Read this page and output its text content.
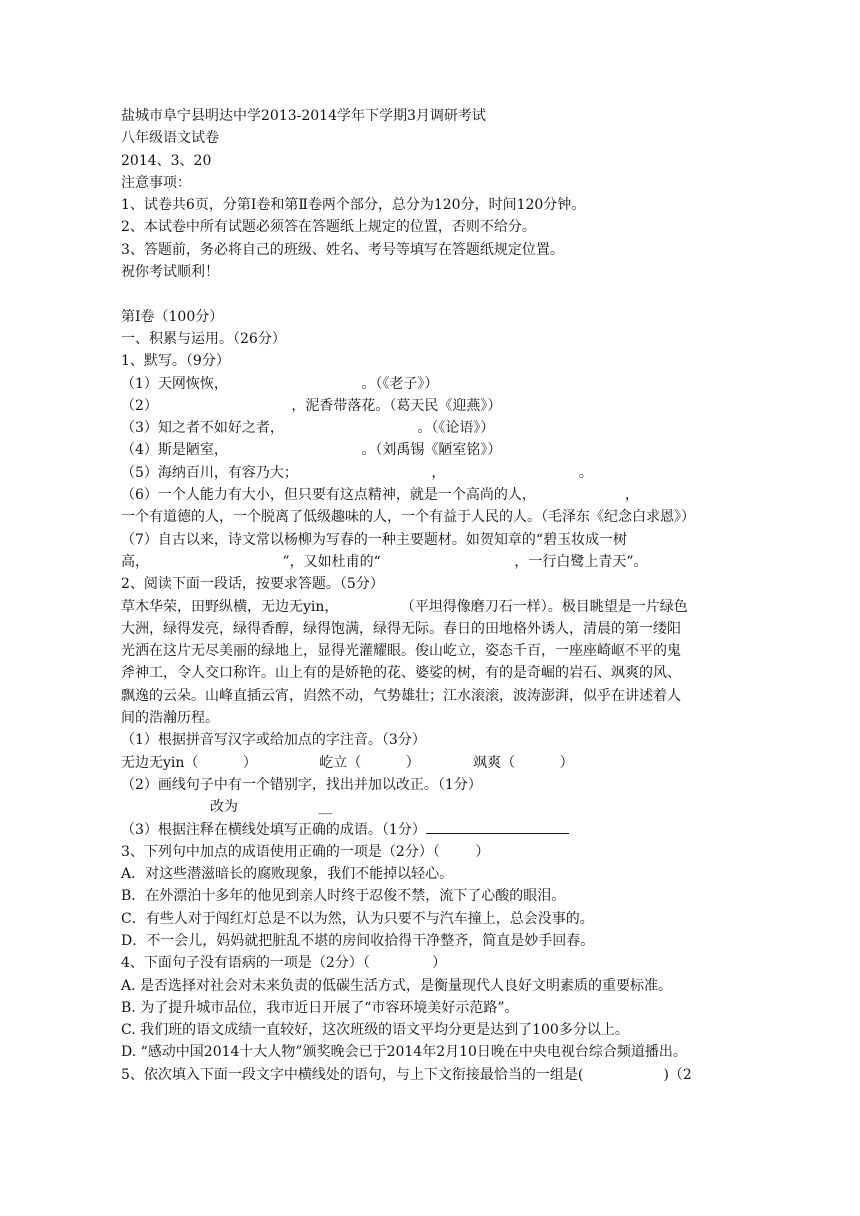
盐城市阜宁县明达中学2013-2014学年下学期3月调研考试
八年级语文试卷
2014、3、20
注意事项：
1、试卷共6页，分第Ⅰ卷和第Ⅱ卷两个部分，总分为120分，时间120分钟。
2、本试卷中所有试题必须答在答题纸上规定的位置，否则不给分。
3、答题前，务必将自己的班级、姓名、考号等填写在答题纸规定位置。
祝你考试顺利！
第Ⅰ卷（100分）
一、积累与运用。（26分）
1、默写。（9分）
（1）天网恢恢，                              。（《老子》）
（2）                              ，泥香带落花。（葛天民《迎燕》）
（3）知之者不如好之者，                              。（《论语》）
（4）斯是陋室，                              。（刘禹锡《陋室铭》）
（5）海纳百川，有容乃大；                              ，                              。
（6）一个人能力有大小，但只要有这点精神，就是一个高尚的人，                    ，
一个有道德的人，一个脱离了低级趣味的人，一个有益于人民的人。（毛泽东《纪念白求恩》）
（7）自古以来，诗文常以杨柳为写春的一种主要题材。如贺知章的“碧玉妆成一树
高，                              ”，又如杜甫的“                              ，一行白鹭上青天”。
2、阅读下面一段话，按要求答题。（5分）
草木华荣，田野纵横，无边无yin，              （平坦得像磨刀石一样）。极目眺望是一片绿色
大洲，绿得发亮，绿得香醇，绿得饱满，绿得无际。春日的田地格外诱人，清晨的第一缕阳
光洒在这片无尽美丽的绿地上，显得光灌耀眼。俊山屹立，姿态千百，一座座崎岖不平的鬼
斧神工，令人交口称许。山上有的是娇艳的花、婆娑的树，有的是奇崛的岩石、飒爽的风、
飘逸的云朵。山峰直插云宵，岿然不动，气势雄壮；江水滚滚，波涛澎湃，似乎在讲述着人
间的浩瀚历程。
（1）根据拼音写汉字或给加点的字注音。（3分）
无边无yin（          ）              屹立（          ）            飒爽（          ）
（2）画线句子中有一个错别字，找出并加以改正。（1分）
改为                  __
（3）根据注释在横线处填写正确的成语。（1分）
3、下列句中加点的成语使用正确的一项是（2分）（        ）
A．对这些潜滋暗长的腐败现象，我们不能掉以轻心。
B．在外漂泊十多年的他见到亲人时终于忍俊不禁，流下了心酸的眼泪。
C．有些人对于闯红灯总是不以为然，认为只要不与汽车撞上，总会没事的。
D．不一会儿，妈妈就把脏乱不堪的房间收拾得干净整齐，简直是妙手回春。
4、下面句子没有语病的一项是（2分）（              ）
A. 是否选择对社会对未来负责的低碳生活方式，是衡量现代人良好文明素质的重要标准。
B. 为了提升城市品位，我市近日开展了“市容环境美好示范路”。
C. 我们班的语文成绩一直较好，这次班级的语文平均分更是达到了100多分以上。
D. “感动中国2014十大人物”颁奖晚会已于2014年2月10日晚在中央电视台综合频道播出。
5、依次填入下面一段文字中横线处的语句，与上下文衔接最恰当的一组是(                  )（2
